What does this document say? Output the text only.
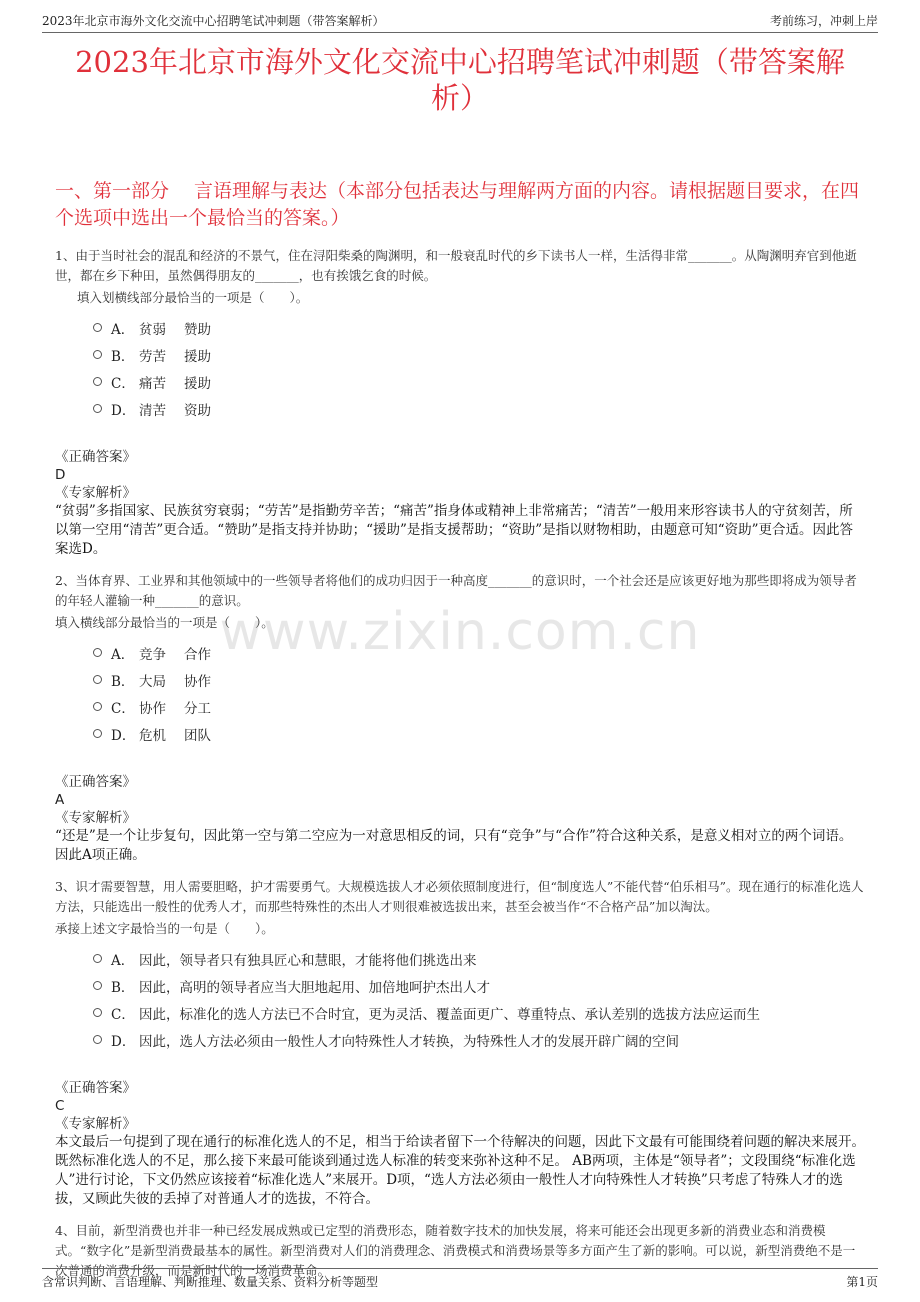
2023年北京市海外文化交流中心招聘笔试冲刺题（带答案解析）	考前练习，冲刺上岸
2023年北京市海外文化交流中心招聘笔试冲刺题（带答案解析）
一、第一部分　 言语理解与表达（本部分包括表达与理解两方面的内容。请根据题目要求，在四个选项中选出一个最恰当的答案。）
www.zixin.com.cn
1、由于当时社会的混乱和经济的不景气，住在浔阳柴桑的陶渊明，和一般衰乱时代的乡下读书人一样，生活得非常_______。从陶渊明弃官到他逝世，都在乡下种田，虽然偶得朋友的_______，也有挨饿乞食的时候。
填入划横线部分最恰当的一项是（　　）。
A． 贫弱	赞助
B． 劳苦	援助
C． 痛苦	援助
D． 清苦	资助
《正确答案》
D
《专家解析》
“贫弱”多指国家、民族贫穷衰弱；“劳苦”是指勤劳辛苦；“痛苦”指身体或精神上非常痛苦；“清苦”一般用来形容读书人的守贫刻苦，所以第一空用“清苦”更合适。“赞助”是指支持并协助；“援助”是指支援帮助；“资助”是指以财物相助，由题意可知“资助”更合适。因此答案选D。
2、当体育界、工业界和其他领域中的一些领导者将他们的成功归因于一种高度_______的意识时，一个社会还是应该更好地为那些即将成为领导者的年轻人灌输一种_______的意识。
填入横线部分最恰当的一项是（　　）。
A． 竞争	合作
B． 大局	协作
C． 协作	分工
D． 危机	团队
《正确答案》
A
《专家解析》
“还是”是一个让步复句，因此第一空与第二空应为一对意思相反的词，只有“竞争”与“合作”符合这种关系，是意义相对立的两个词语。因此A项正确。
3、识才需要智慧，用人需要胆略，护才需要勇气。大规模选拔人才必须依照制度进行，但“制度选人”不能代替“伯乐相马”。现在通行的标准化选人方法，只能选出一般性的优秀人才，而那些特殊性的杰出人才则很难被选拔出来，甚至会被当作“不合格产品”加以淘汰。
承接上述文字最恰当的一句是（　　）。
A． 因此，领导者只有独具匠心和慧眼，才能将他们挑选出来
B． 因此，高明的领导者应当大胆地起用、加倍地呵护杰出人才
C． 因此，标准化的选人方法已不合时宜，更为灵活、覆盖面更广、尊重特点、承认差别的选拔方法应运而生
D． 因此，选人方法必须由一般性人才向特殊性人才转换，为特殊性人才的发展开辟广阔的空间
《正确答案》
C
《专家解析》
本文最后一句提到了现在通行的标准化选人的不足，相当于给读者留下一个待解决的问题，因此下文最有可能围绕着问题的解决来展开。既然标准化选人的不足，那么接下来最可能谈到通过选人标准的转变来弥补这种不足。 AB两项，主体是“领导者”；文段围绕“标准化选人”进行讨论，下文仍然应该接着“标准化选人”来展开。D项，“选人方法必须由一般性人才向特殊性人才转换”只考虑了特殊人才的选拔，又顾此失彼的丢掉了对普通人才的选拔，不符合。
4、目前，新型消费也并非一种已经发展成熟或已定型的消费形态，随着数字技术的加快发展，将来可能还会出现更多新的消费业态和消费模式。“数字化”是新型消费最基本的属性。新型消费对人们的消费理念、消费模式和消费场景等多方面产生了新的影响。可以说，新型消费绝不是一次普通的消费升级，而是新时代的一场消费革命。
含常识判断、言语理解、判断推理、数量关系、资料分析等题型	第1页
